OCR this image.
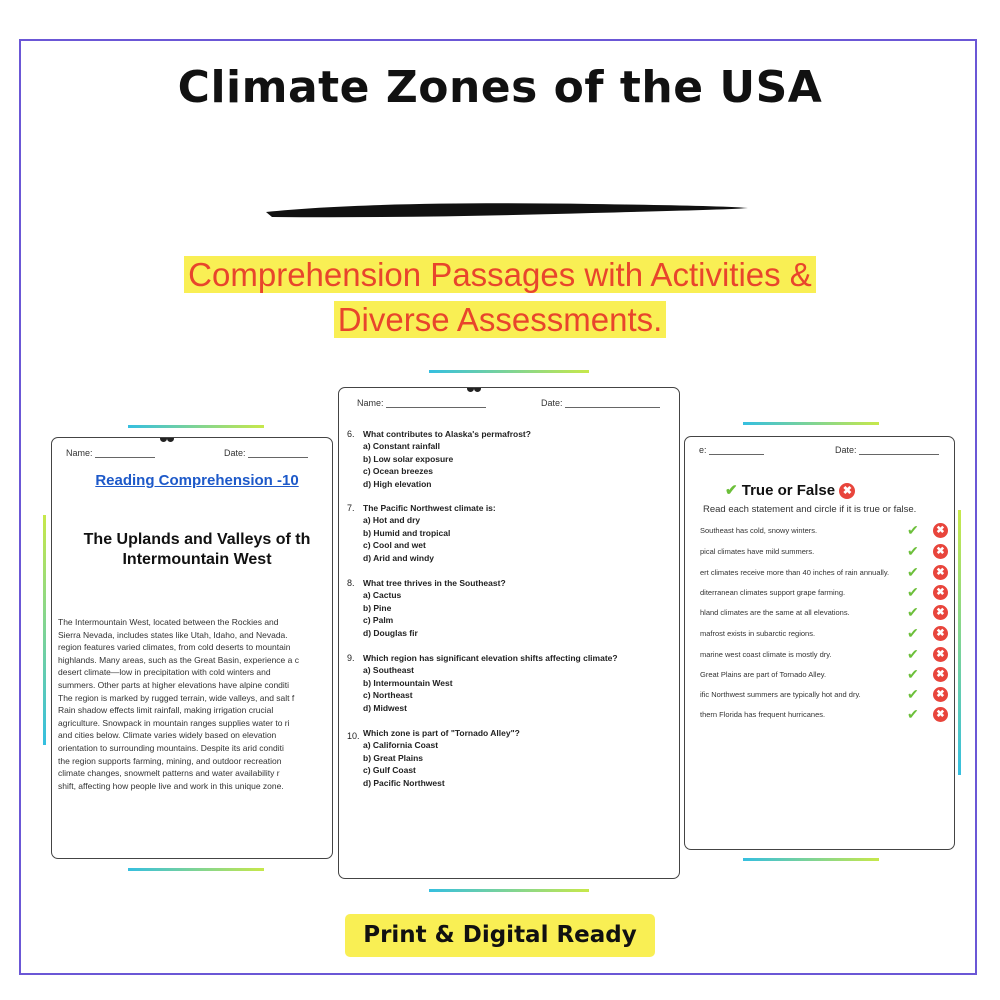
Climate Zones of the USA
Comprehension Passages with Activities &
Diverse Assessments.
Name:	Date:
Reading Comprehension -10
The Uplands and Valleys of th
Intermountain West
The Intermountain West, located between the Rockies and
Sierra Nevada, includes states like Utah, Idaho, and Nevada.
region features varied climates, from cold deserts to mountain
highlands. Many areas, such as the Great Basin, experience a c
desert climate—low in precipitation with cold winters and
summers. Other parts at higher elevations have alpine conditi
The region is marked by rugged terrain, wide valleys, and salt f
Rain shadow effects limit rainfall, making irrigation crucial
agriculture. Snowpack in mountain ranges supplies water to ri
and cities below. Climate varies widely based on elevation
orientation to surrounding mountains. Despite its arid conditi
the region supports farming, mining, and outdoor recreation
climate changes, snowmelt patterns and water availability r
shift, affecting how people live and work in this unique zone.
Name:	Date:
6. What contributes to Alaska's permafrost?
a) Constant rainfall
b) Low solar exposure
c) Ocean breezes
d) High elevation
7. The Pacific Northwest climate is:
a) Hot and dry
b) Humid and tropical
c) Cool and wet
d) Arid and windy
8. What tree thrives in the Southeast?
a) Cactus
b) Pine
c) Palm
d) Douglas fir
9. Which region has significant elevation shifts affecting climate?
a) Southeast
b) Intermountain West
c) Northeast
d) Midwest
10. Which zone is part of "Tornado Alley"?
a) California Coast
b) Great Plains
c) Gulf Coast
d) Pacific Northwest
e:	Date:
✔ True or False ✖
Read each statement and circle if it is true or false.
Southeast has cold, snowy winters.	✔	✖
pical climates have mild summers.	✔	✖
ert climates receive more than 40 inches of rain annually. ✔	✖
diterranean climates support grape farming.	✔	✖
hland climates are the same at all elevations.	✔	✖
mafrost exists in subarctic regions.	✔	✖
marine west coast climate is mostly dry.	✔	✖
Great Plains are part of Tornado Alley.	✔	✖
ific Northwest summers are typically hot and dry.	✔	✖
thern Florida has frequent hurricanes.	✔	✖
Print & Digital Ready
